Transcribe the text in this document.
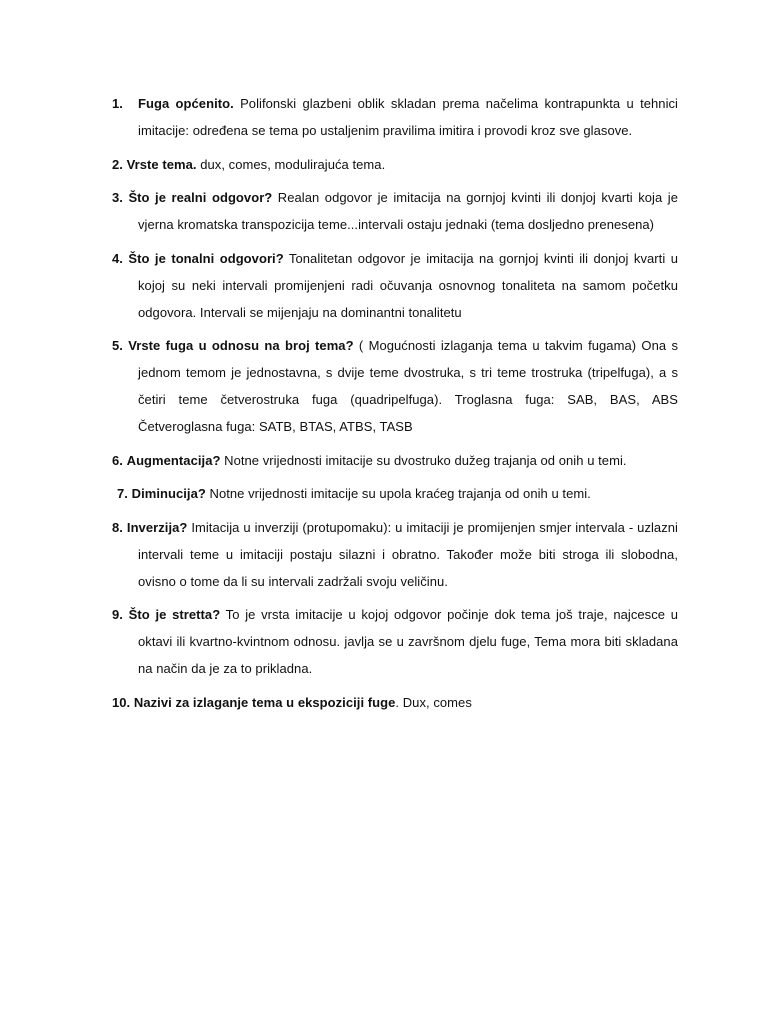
1. Fuga općenito. Polifonski glazbeni oblik skladan prema načelima kontrapunkta u tehnici imitacije: određena se tema po ustaljenim pravilima imitira i provodi kroz sve glasove.
2. Vrste tema. dux, comes, modulirajuća tema.
3. Što je realni odgovor? Realan odgovor je imitacija na gornjoj kvinti ili donjoj kvarti koja je vjerna kromatska transpozicija teme...intervali ostaju jednaki (tema dosljedno prenesena)
4. Što je tonalni odgovori? Tonalitetan odgovor je imitacija na gornjoj kvinti ili donjoj kvarti u kojoj su neki intervali promijenjeni radi očuvanja osnovnog tonaliteta na samom početku odgovora. Intervali se mijenjaju na dominantni tonalitetu
5. Vrste fuga u odnosu na broj tema? ( Mogućnosti izlaganja tema u takvim fugama) Ona s jednom temom je jednostavna, s dvije teme dvostruka, s tri teme trostruka (tripelfuga), a s četiri teme četverostruka fuga (quadripelfuga). Troglasna fuga: SAB, BAS, ABS Četveroglasna fuga: SATB, BTAS, ATBS, TASB
6. Augmentacija? Notne vrijednosti imitacije su dvostruko dužeg trajanja od onih u temi.
7. Diminucija? Notne vrijednosti imitacije su upola kraćeg trajanja od onih u temi.
8. Inverzija? Imitacija u inverziji (protupomaku): u imitaciji je promijenjen smjer intervala - uzlazni intervali teme u imitaciji postaju silazni i obratno. Također može biti stroga ili slobodna, ovisno o tome da li su intervali zadržali svoju veličinu.
9. Što je stretta? To je vrsta imitacije u kojoj odgovor počinje dok tema još traje, najcesce u oktavi ili kvartno-kvintnom odnosu. javlja se u završnom djelu fuge, Tema mora biti skladana na način da je za to prikladna.
10. Nazivi za izlaganje tema u ekspoziciji fuge. Dux, comes
